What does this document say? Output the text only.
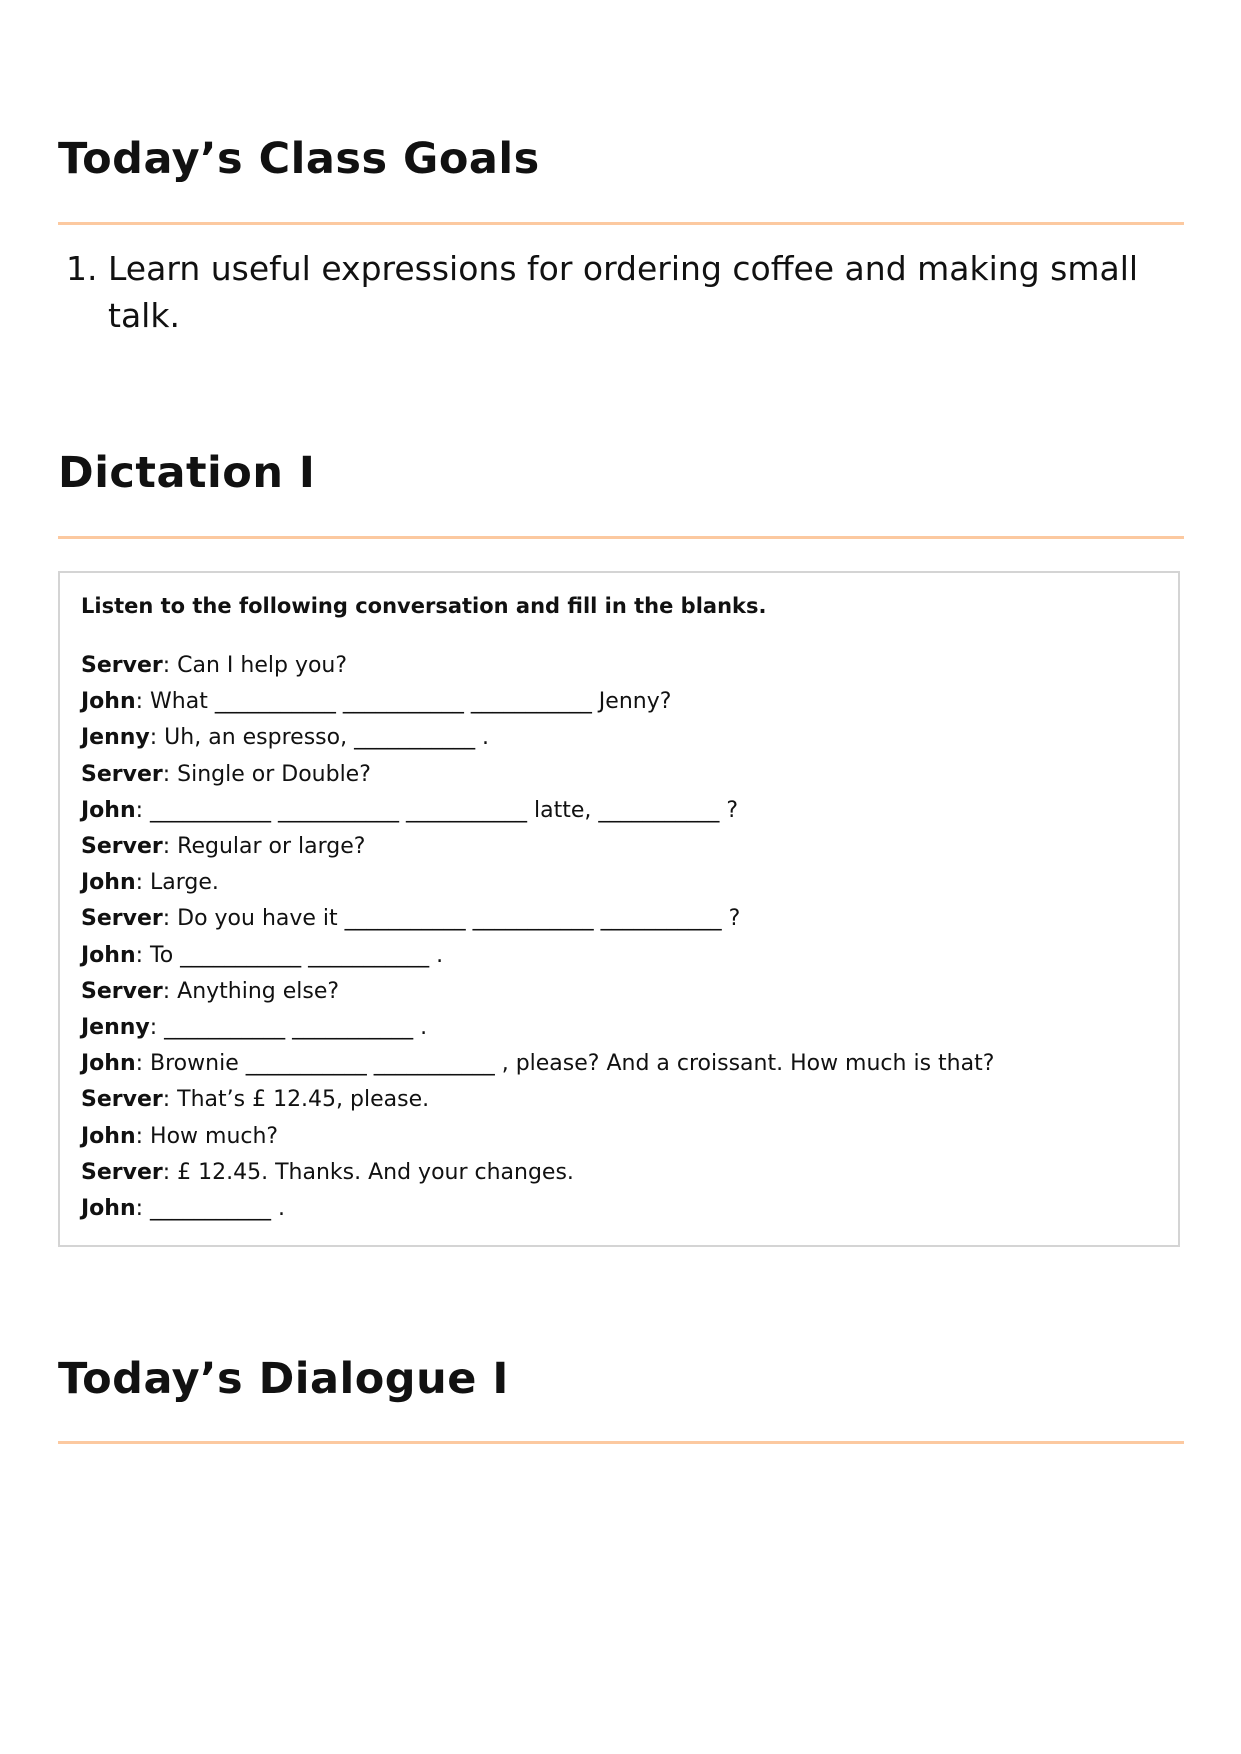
Today’s Class Goals
1. Learn useful expressions for ordering coffee and making small talk.
Dictation I

Listen to the following conversation and fill in the blanks.

Server: Can I help you?
John: What ___________ ___________ ___________ Jenny?
Jenny: Uh, an espresso, ___________ .
Server: Single or Double?
John: ___________ ___________ ___________ latte, ___________ ?
Server: Regular or large?
John: Large.
Server: Do you have it ___________ ___________ ___________ ?
John: To ___________ ___________ .
Server: Anything else?
Jenny: ___________ ___________ .
John: Brownie ___________ ___________ , please? And a croissant. How much is that?
Server: That’s £ 12.45, please.
John: How much?
Server: £ 12.45. Thanks. And your changes.
John: ___________ .
Today’s Dialogue I
